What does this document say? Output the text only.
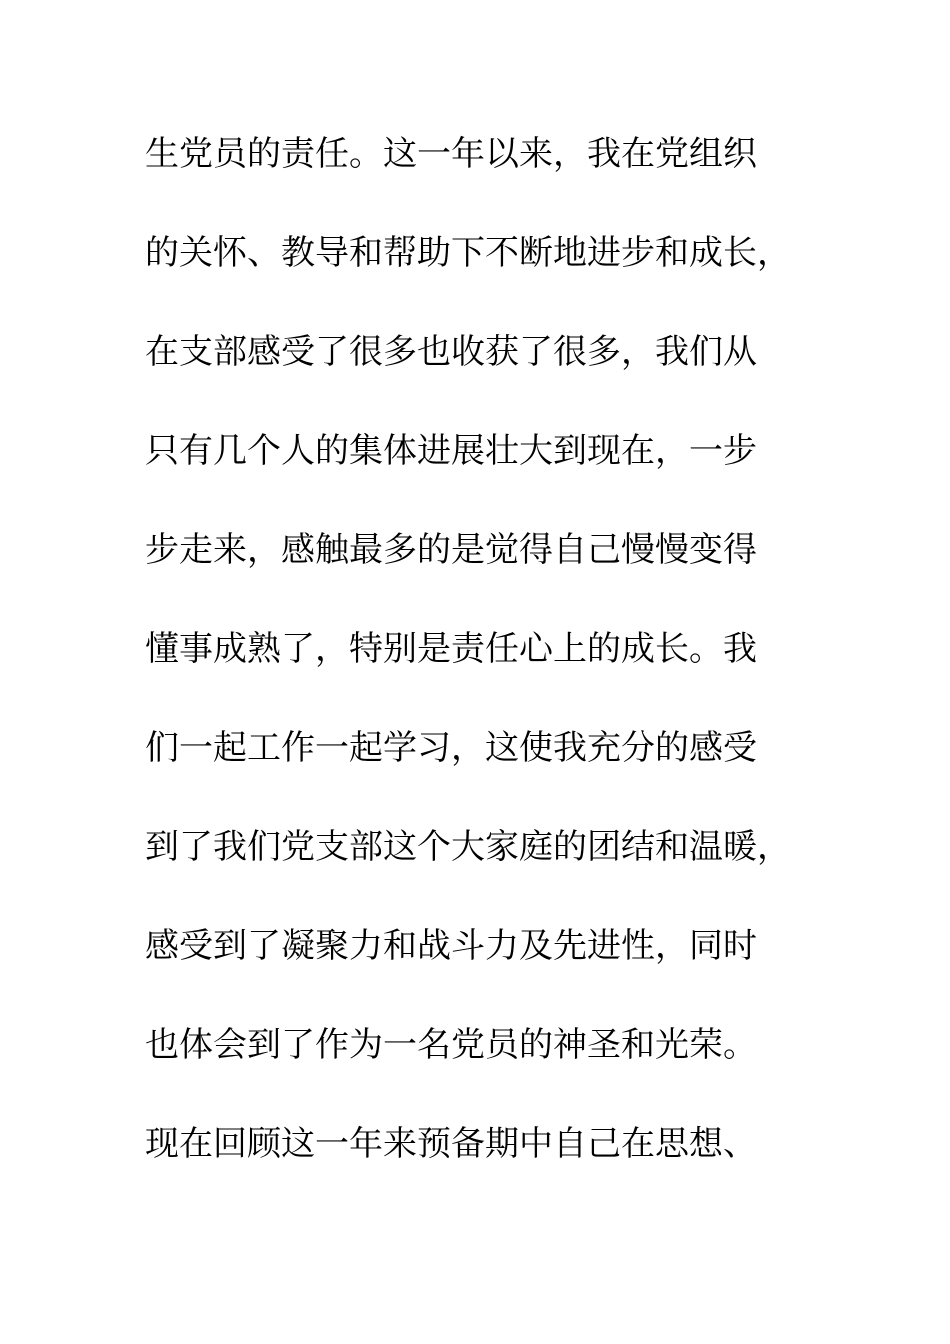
生党员的责任。这一年以来，我在党组织
的关怀、教导和帮助下不断地进步和成长，
在支部感受了很多也收获了很多，我们从
只有几个人的集体进展壮大到现在，一步
步走来，感触最多的是觉得自己慢慢变得
懂事成熟了，特别是责任心上的成长。我
们一起工作一起学习，这使我充分的感受
到了我们党支部这个大家庭的团结和温暖，
感受到了凝聚力和战斗力及先进性，同时
也体会到了作为一名党员的神圣和光荣。
现在回顾这一年来预备期中自己在思想、
